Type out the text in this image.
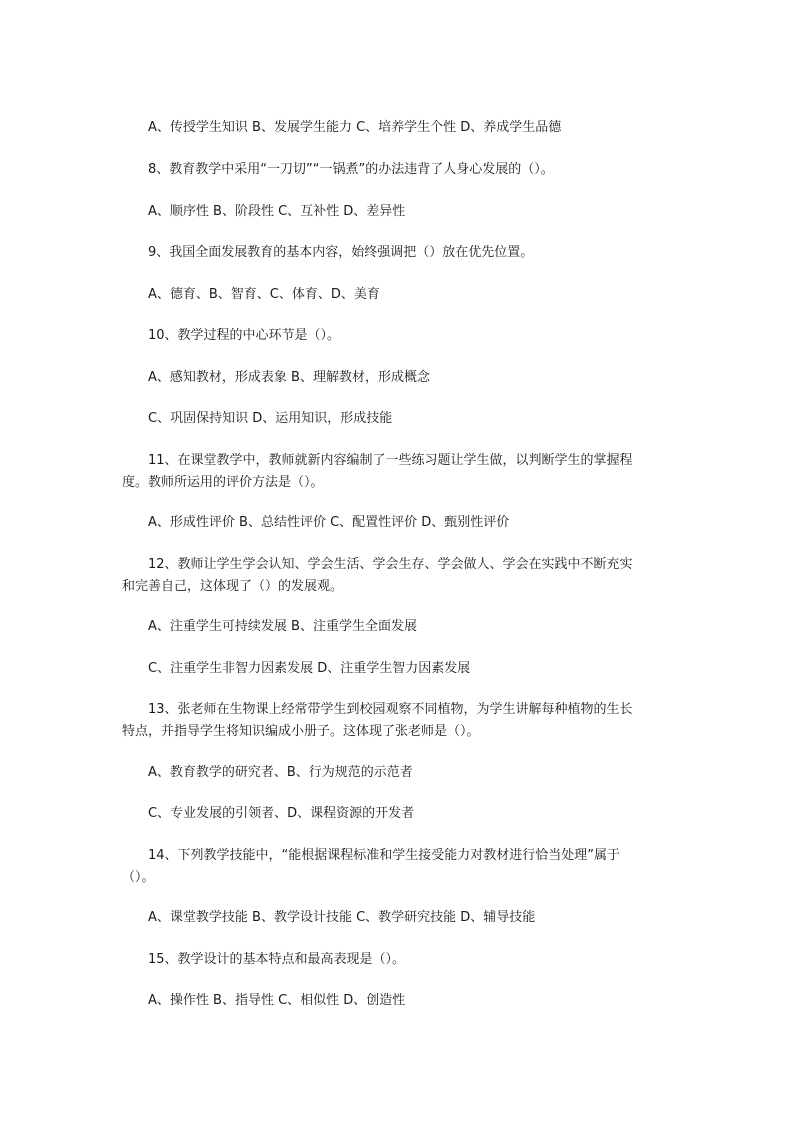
A、传授学生知识 B、发展学生能力 C、培养学生个性 D、养成学生品德
8、教育教学中采用“一刀切”“一锅煮”的办法违背了人身心发展的（）。
A、顺序性 B、阶段性 C、互补性 D、差异性
9、我国全面发展教育的基本内容，始终强调把（）放在优先位置。
A、德育、B、智育、C、体育、D、美育
10、教学过程的中心环节是（）。
A、感知教材，形成表象 B、理解教材，形成概念
C、巩固保持知识 D、运用知识，形成技能
11、在课堂教学中，教师就新内容编制了一些练习题让学生做，以判断学生的掌握程
度。教师所运用的评价方法是（）。
A、形成性评价 B、总结性评价 C、配置性评价 D、甄别性评价
12、教师让学生学会认知、学会生活、学会生存、学会做人、学会在实践中不断充实
和完善自己，这体现了（）的发展观。
A、注重学生可持续发展 B、注重学生全面发展
C、注重学生非智力因素发展 D、注重学生智力因素发展
13、张老师在生物课上经常带学生到校园观察不同植物，为学生讲解每种植物的生长
特点，并指导学生将知识编成小册子。这体现了张老师是（）。
A、教育教学的研究者、B、行为规范的示范者
C、专业发展的引领者、D、课程资源的开发者
14、下列教学技能中，“能根据课程标准和学生接受能力对教材进行恰当处理”属于
（）。
A、课堂教学技能 B、教学设计技能 C、教学研究技能 D、辅导技能
15、教学设计的基本特点和最高表现是（）。
A、操作性 B、指导性 C、相似性 D、创造性
